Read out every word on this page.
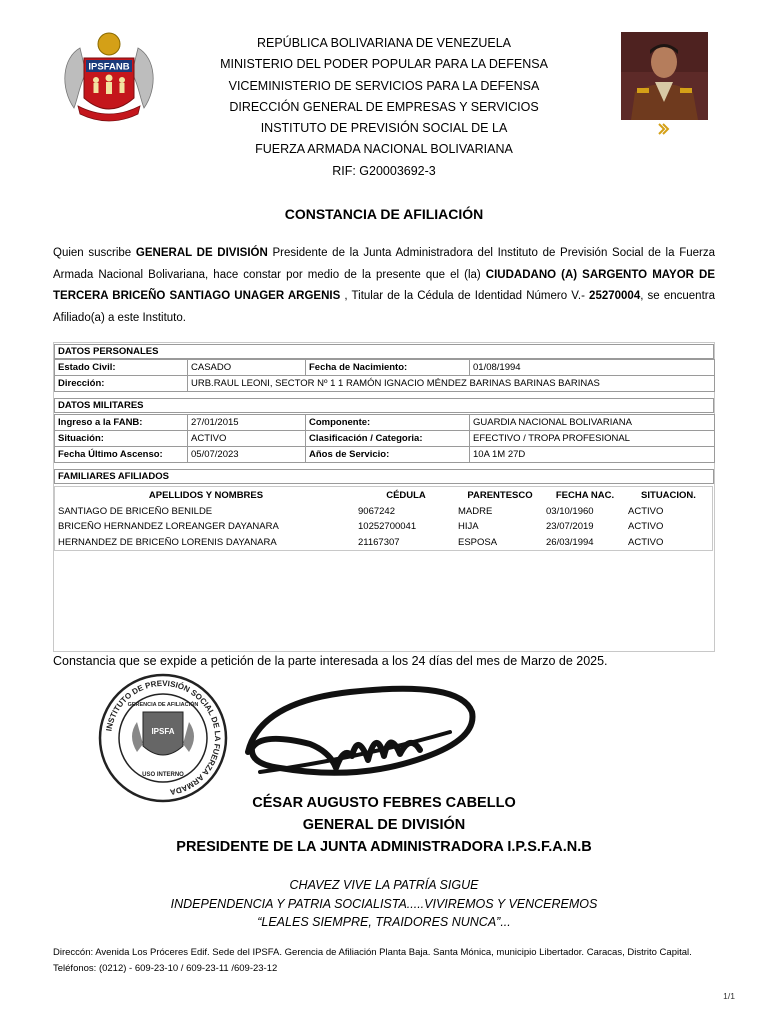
IPSFANB
REPÚBLICA BOLIVARIANA DE VENEZUELA
MINISTERIO DEL PODER POPULAR PARA LA DEFENSA
VICEMINISTERIO DE SERVICIOS PARA LA DEFENSA
DIRECCIÓN GENERAL DE EMPRESAS Y SERVICIOS
INSTITUTO DE PREVISIÓN SOCIAL DE LA
FUERZA ARMADA NACIONAL BOLIVARIANA
RIF: G20003692-3
CONSTANCIA DE AFILIACIÓN
Quien suscribe GENERAL DE DIVISIÓN Presidente de la Junta Administradora del Instituto de Previsión Social de la Fuerza Armada Nacional Bolivariana, hace constar por medio de la presente que el (la) CIUDADANO (A) SARGENTO MAYOR DE TERCERA BRICEÑO SANTIAGO UNAGER ARGENIS , Titular de la Cédula de Identidad Número V.- 25270004, se encuentra Afiliado(a) a este Instituto.
DATOS PERSONALES
Estado Civil:	CASADO	Fecha de Nacimiento:	01/08/1994
Dirección:	URB.RAUL LEONI, SECTOR Nº 1 1 RAMÓN IGNACIO MÉNDEZ BARINAS BARINAS BARINAS		
DATOS MILITARES
Ingreso a la FANB:	27/01/2015	Componente:	GUARDIA NACIONAL BOLIVARIANA
Situación:	ACTIVO	Clasificación / Categoria:	EFECTIVO / TROPA PROFESIONAL
Fecha Último Ascenso:	05/07/2023	Años de Servicio:	10A 1M 27D
FAMILIARES AFILIADOS
APELLIDOS Y NOMBRES	CÉDULA	PARENTESCO	FECHA NAC.	SITUACION.
SANTIAGO DE BRICEÑO BENILDE	9067242	MADRE	03/10/1960	ACTIVO
BRICEÑO HERNANDEZ LOREANGER DAYANARA	10252700041	HIJA	23/07/2019	ACTIVO
HERNANDEZ DE BRICEÑO LORENIS DAYANARA	21167307	ESPOSA	26/03/1994	ACTIVO
Constancia que se expide a petición de la parte interesada a los 24 días del mes de Marzo de 2025.
INSTITUTO DE PREVISIÓN SOCIAL DE LA FUERZA ARMADA
GERENCIA DE AFILIACIÓN
IPSFA
USO INTERNO
CÉSAR AUGUSTO FEBRES CABELLO
GENERAL DE DIVISIÓN
PRESIDENTE DE LA JUNTA ADMINISTRADORA I.P.S.F.A.N.B
CHAVEZ VIVE LA PATRÍA SIGUE
INDEPENDENCIA Y PATRIA SOCIALISTA.....VIVIREMOS Y VENCEREMOS
“LEALES SIEMPRE, TRAIDORES NUNCA”...
Direccón: Avenida Los Próceres Edif. Sede del IPSFA. Gerencia de Afiliación Planta Baja. Santa Mónica, municipio Libertador. Caracas, Distrito Capital. Teléfonos: (0212) - 609-23-10 / 609-23-11 /609-23-12
1/1
